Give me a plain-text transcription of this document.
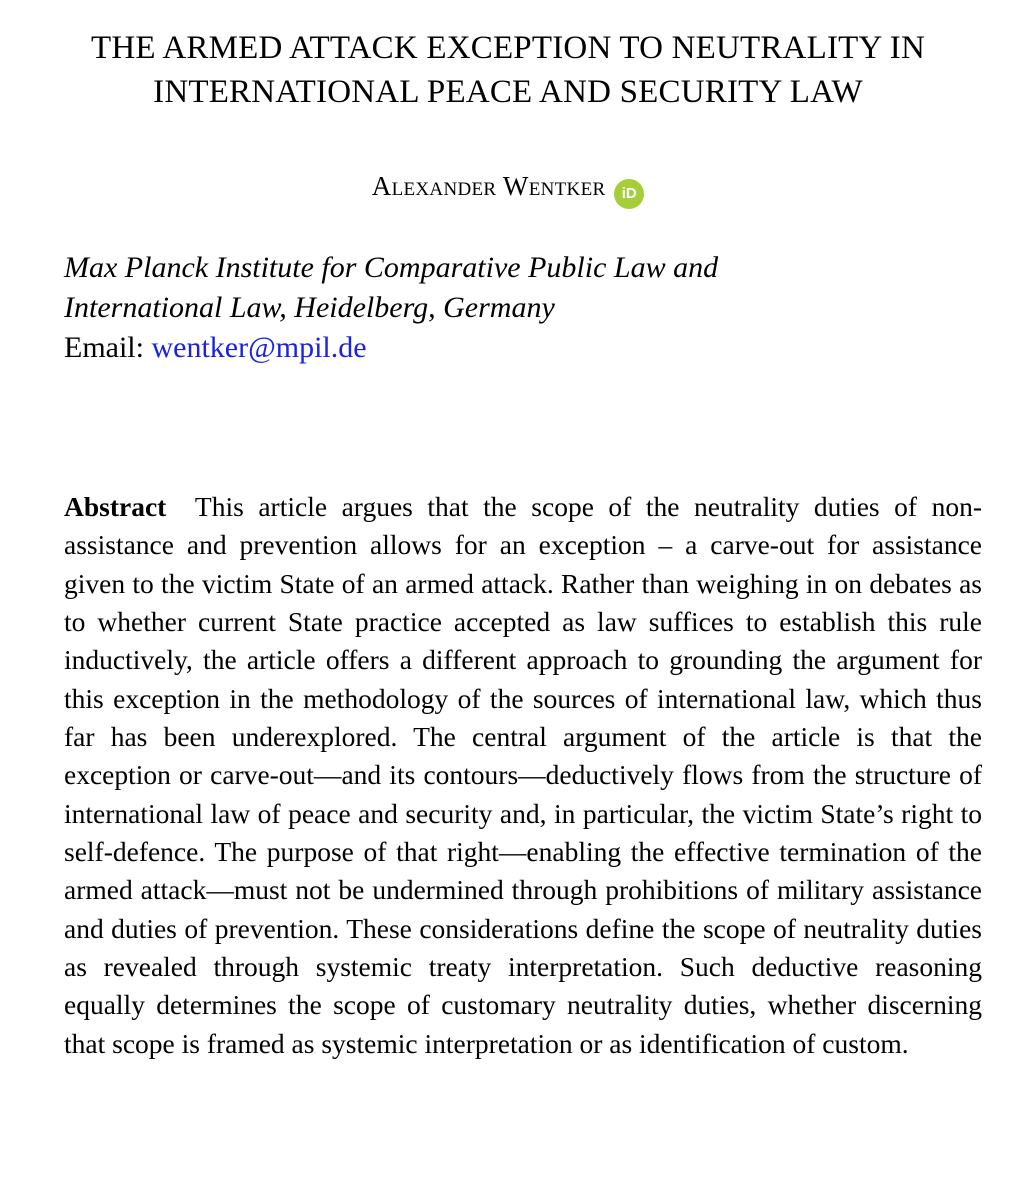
THE ARMED ATTACK EXCEPTION TO NEUTRALITY IN
INTERNATIONAL PEACE AND SECURITY LAW
Alexander Wentker iD
Max Planck Institute for Comparative Public Law and
International Law, Heidelberg, Germany
Email: wentker@mpil.de

Abstract This article argues that the scope of the neutrality duties of non-assistance and prevention allows for an exception – a carve-out for assistance given to the victim State of an armed attack. Rather than weighing in on debates as to whether current State practice accepted as law suffices to establish this rule inductively, the article offers a different approach to grounding the argument for this exception in the methodology of the sources of international law, which thus far has been underexplored. The central argument of the article is that the exception or carve-out—and its contours—deductively flows from the structure of international law of peace and security and, in particular, the victim State’s right to self-defence. The purpose of that right—enabling the effective termination of the armed attack—must not be undermined through prohibitions of military assistance and duties of prevention. These considerations define the scope of neutrality duties as revealed through systemic treaty interpretation. Such deductive reasoning equally determines the scope of customary neutrality duties, whether discerning that scope is framed as systemic interpretation or as identification of custom.
